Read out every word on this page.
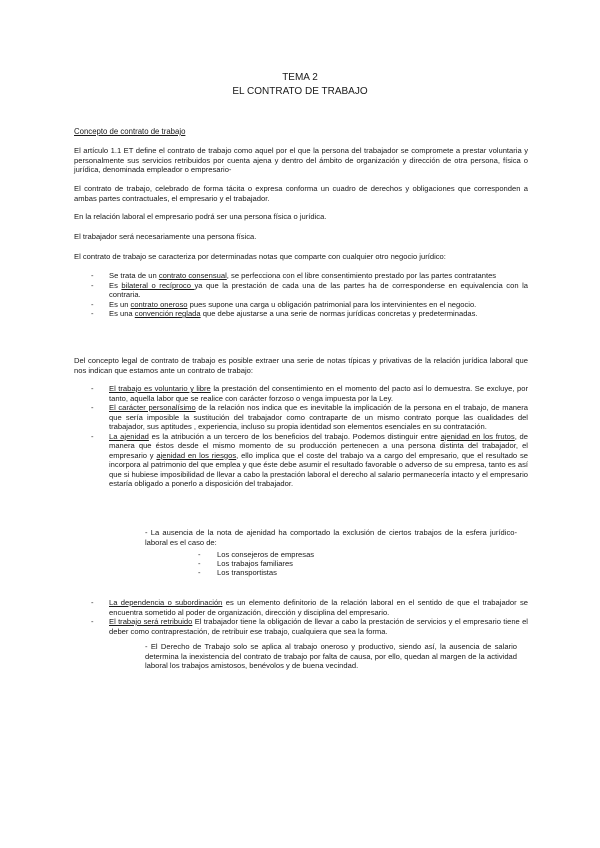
TEMA 2
EL CONTRATO DE TRABAJO
Concepto de contrato de trabajo

El artículo 1.1 ET define el contrato de trabajo como aquel por el que la persona del trabajador se compromete a prestar voluntaria y personalmente sus servicios retribuidos por cuenta ajena y dentro del ámbito de organización y dirección de otra persona, física o jurídica, denominada empleador o empresario-

El contrato de trabajo, celebrado de forma tácita o expresa conforma un cuadro de derechos y obligaciones que corresponden a ambas partes contractuales, el empresario y el trabajador.

En la relación laboral el empresario podrá ser una persona física o jurídica.

El trabajador será necesariamente una persona física.

El contrato de trabajo se caracteriza por determinadas notas que comparte con cualquier otro negocio jurídico:

- Se trata de un contrato consensual, se perfecciona con el libre consentimiento prestado por las partes contratantes
- Es bilateral o recíproco ya que la prestación de cada una de las partes ha de corresponderse en equivalencia con la contraria.
- Es un contrato oneroso pues supone una carga u obligación patrimonial para los intervinientes en el negocio.
- Es una convención reglada que debe ajustarse a una serie de normas jurídicas concretas y predeterminadas.

Del concepto legal de contrato de trabajo es posible extraer una serie de notas típicas y privativas de la relación jurídica laboral que nos indican que estamos ante un contrato de trabajo:

- El trabajo es voluntario y libre la prestación del consentimiento en el momento del pacto así lo demuestra. Se excluye, por tanto, aquella labor que se realice con carácter forzoso o venga impuesta por la Ley.
- El carácter personalísimo de la relación nos indica que es inevitable la implicación de la persona en el trabajo, de manera que sería imposible la sustitución del trabajador como contraparte de un mismo contrato porque las cualidades del trabajador, sus aptitudes , experiencia, incluso su propia identidad son elementos esenciales en su contratación.
- La ajenidad es la atribución a un tercero de los beneficios del trabajo. Podemos distinguir entre ajenidad en los frutos, de manera que éstos desde el mismo momento de su producción pertenecen a una persona distinta del trabajador, el empresario y ajenidad en los riesgos, ello implica que el coste del trabajo va a cargo del empresario, que el resultado se incorpora al patrimonio del que emplea y que éste debe asumir el resultado favorable o adverso de su empresa, tanto es así que si hubiese imposibilidad de llevar a cabo la prestación laboral el derecho al salario permanecería intacto y el empresario estaría obligado a ponerlo a disposición del trabajador.

- La ausencia de la nota de ajenidad ha comportado la exclusión de ciertos trabajos de la esfera jurídico-laboral es el caso de:

- Los consejeros de empresas
- Los trabajos familiares
- Los transportistas
- La dependencia o subordinación es un elemento definitorio de la relación laboral en el sentido de que el trabajador se encuentra sometido al poder de organización, dirección y disciplina del empresario.
- El trabajo será retribuido El trabajador tiene la obligación de llevar a cabo la prestación de servicios y el empresario tiene el deber como contraprestación, de retribuir ese trabajo, cualquiera que sea la forma.

- El Derecho de Trabajo solo se aplica al trabajo oneroso y productivo, siendo así, la ausencia de salario determina la inexistencia del contrato de trabajo por falta de causa, por ello, quedan al margen de la actividad laboral los trabajos amistosos, benévolos y de buena vecindad.
